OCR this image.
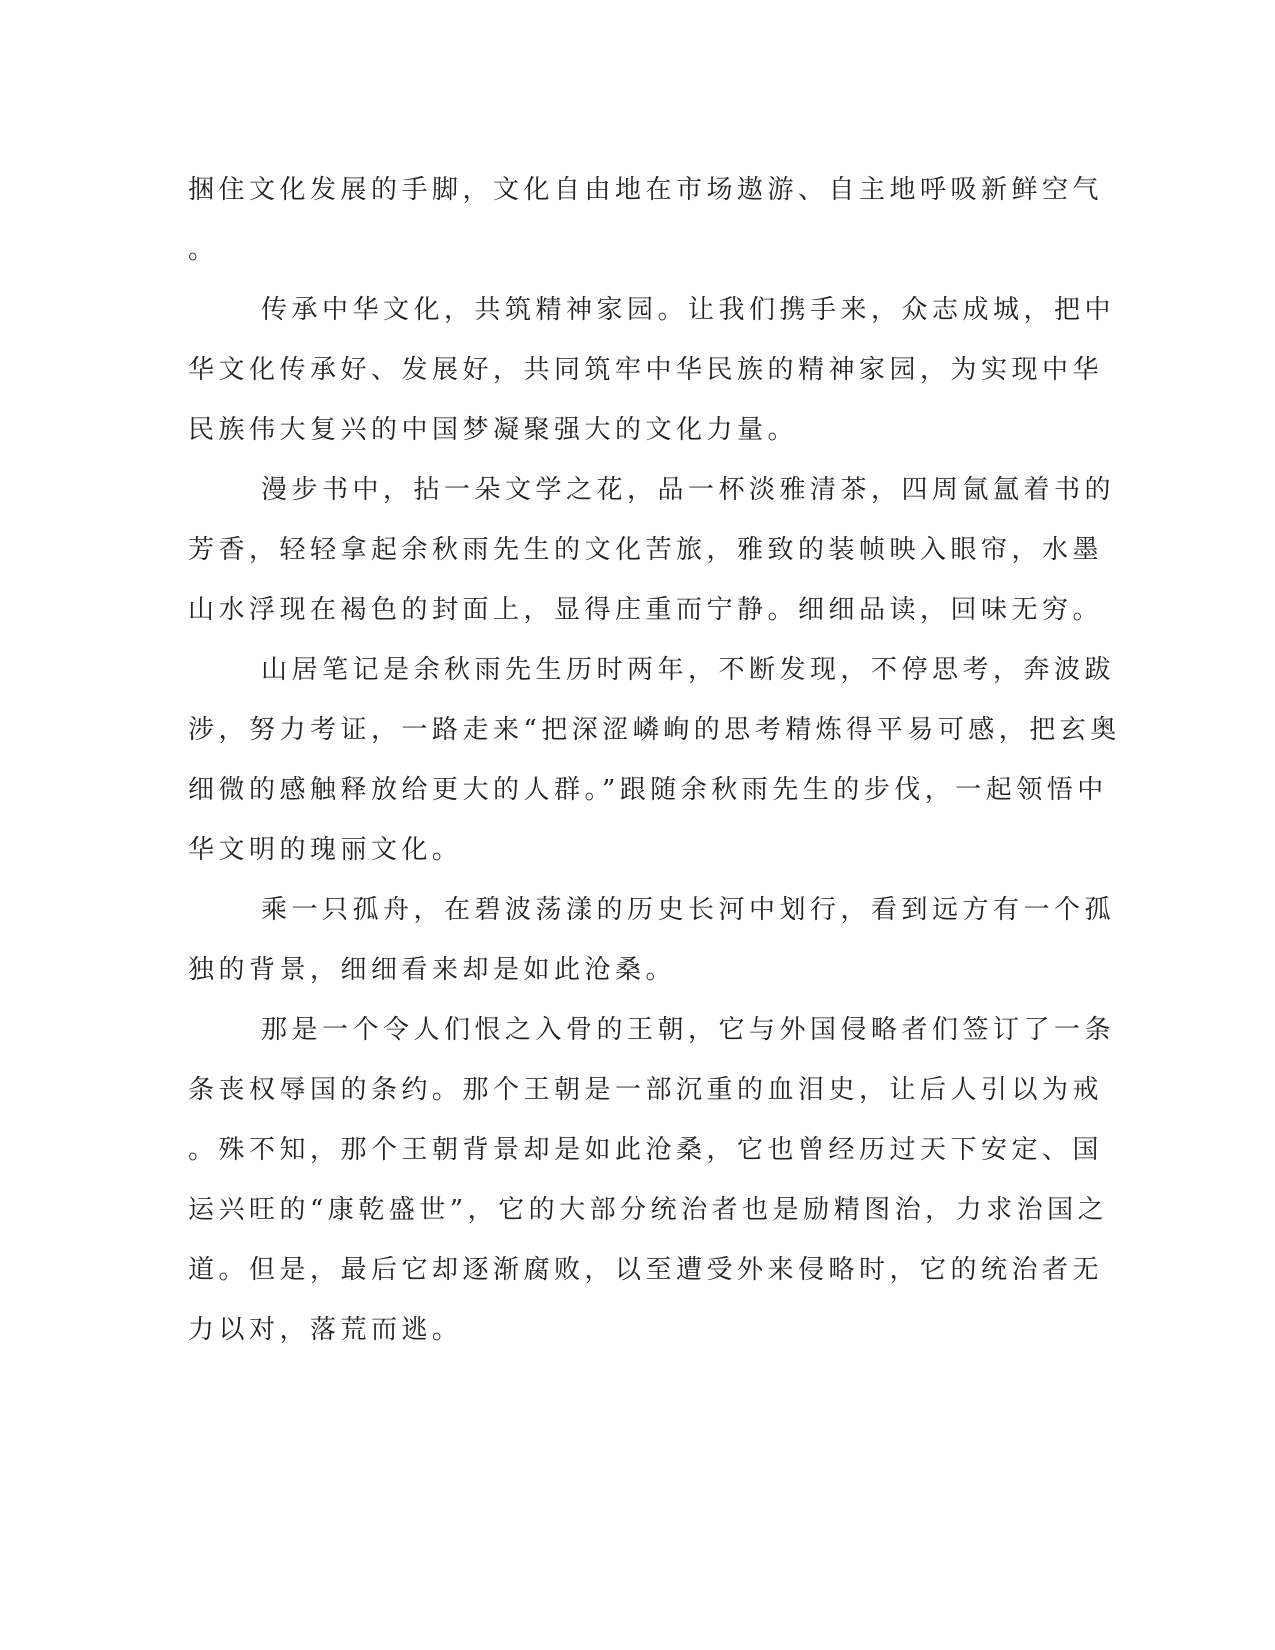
捆住文化发展的手脚，文化自由地在市场遨游、自主地呼吸新鲜空气
。
传承中华文化，共筑精神家园。让我们携手来，众志成城，把中
华文化传承好、发展好，共同筑牢中华民族的精神家园，为实现中华
民族伟大复兴的中国梦凝聚强大的文化力量。
漫步书中，拈一朵文学之花，品一杯淡雅清茶，四周氤氲着书的
芳香，轻轻拿起余秋雨先生的文化苦旅，雅致的装帧映入眼帘，水墨
山水浮现在褐色的封面上，显得庄重而宁静。细细品读，回味无穷。
山居笔记是余秋雨先生历时两年，不断发现，不停思考，奔波跋
涉，努力考证，一路走来“把深涩嶙峋的思考精炼得平易可感，把玄奥
细微的感触释放给更大的人群。”跟随余秋雨先生的步伐，一起领悟中
华文明的瑰丽文化。
乘一只孤舟，在碧波荡漾的历史长河中划行，看到远方有一个孤
独的背景，细细看来却是如此沧桑。
那是一个令人们恨之入骨的王朝，它与外国侵略者们签订了一条
条丧权辱国的条约。那个王朝是一部沉重的血泪史，让后人引以为戒
。殊不知，那个王朝背景却是如此沧桑，它也曾经历过天下安定、国
运兴旺的“康乾盛世”，它的大部分统治者也是励精图治，力求治国之
道。但是，最后它却逐渐腐败，以至遭受外来侵略时，它的统治者无
力以对，落荒而逃。
